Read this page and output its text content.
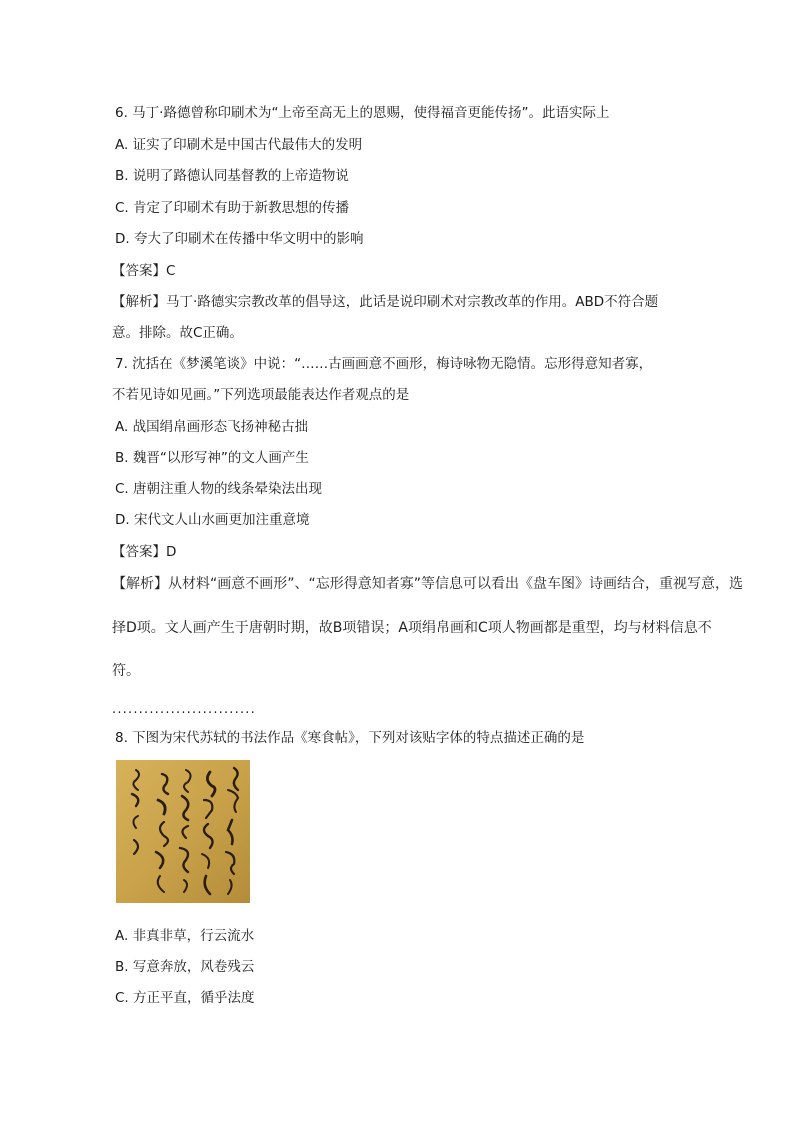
6. 马丁·路德曾称印刷术为“上帝至高无上的恩赐，使得福音更能传扬”。此语实际上
A. 证实了印刷术是中国古代最伟大的发明
B. 说明了路德认同基督教的上帝造物说
C. 肯定了印刷术有助于新教思想的传播
D. 夸大了印刷术在传播中华文明中的影响
【答案】C
【解析】马丁·路德实宗教改革的倡导这，此话是说印刷术对宗教改革的作用。ABD不符合题
意。排除。故C正确。
7. 沈括在《梦溪笔谈》中说：“……古画画意不画形，梅诗咏物无隐情。忘形得意知者寡，
不若见诗如见画。”下列选项最能表达作者观点的是
A. 战国绢帛画形态飞扬神秘古拙
B. 魏晋“以形写神”的文人画产生
C. 唐朝注重人物的线条晕染法出现
D. 宋代文人山水画更加注重意境
【答案】D
【解析】从材料“画意不画形”、“忘形得意知者寡”等信息可以看出《盘车图》诗画结合，重视写意，选
择D项。文人画产生于唐朝时期，故B项错误；A项绢帛画和C项人物画都是重型，均与材料信息不
符。
...........................
8. 下图为宋代苏轼的书法作品《寒食帖》，下列对该贴字体的特点描述正确的是
A. 非真非草，行云流水
B. 写意奔放，风卷残云
C. 方正平直，循乎法度
